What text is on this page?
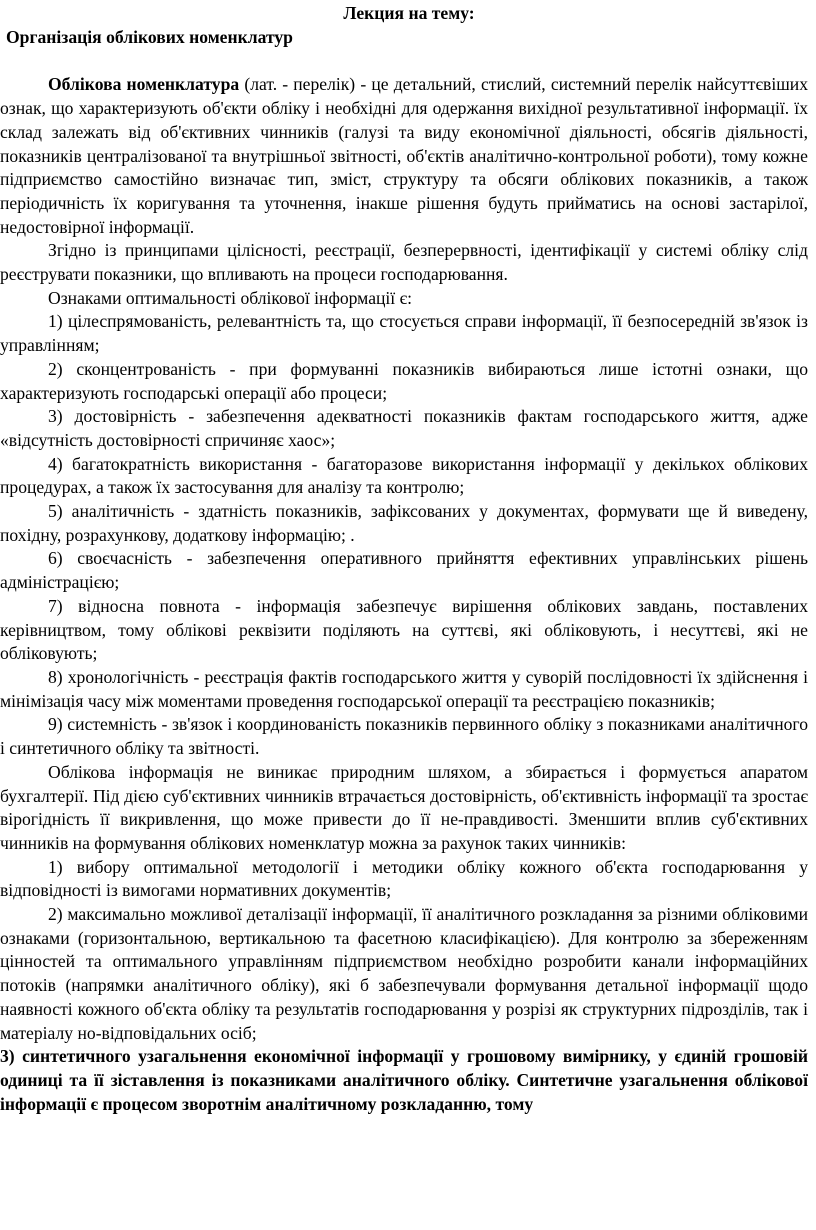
Лекция на тему:
Організація облікових номенклатур

Облікова номенклатура (лат. - перелік) - це детальний, стислий, системний перелік найсуттєвіших ознак, що характеризують об'єкти обліку і необхідні для одержання вихідної результативної інформації. їх склад залежать від об'єктивних чинників (галузі та виду економічної діяльності, обсягів діяльності, показників централізованої та внутрішньої звітності, об'єктів аналітично-контрольної роботи), тому кожне підприємство самостійно визначає тип, зміст, структуру та обсяги облікових показників, а також періодичність їх коригування та уточнення, інакше рішення будуть прийматись на основі застарілої, недостовірної інформації.

Згідно із принципами цілісності, реєстрації, безперервності, ідентифікації у системі обліку слід реєструвати показники, що впливають на процеси господарювання.

Ознаками оптимальності облікової інформації є:

1) цілеспрямованість, релевантність та, що стосується справи інформації, її безпосередній зв'язок із управлінням;

2) сконцентрованість - при формуванні показників вибираються лише істотні ознаки, що характеризують господарські операції або процеси;

3) достовірність - забезпечення адекватності показників фактам господарського життя, адже «відсутність достовірності спричиняє хаос»;

4) багатократність використання - багаторазове використання інформації у декількох облікових процедурах, а також їх застосування для аналізу та контролю;

5) аналітичність - здатність показників, зафіксованих у документах, формувати ще й виведену, похідну, розрахункову, додаткову інформацію; .

6) своєчасність - забезпечення оперативного прийняття ефективних управлінських рішень адміністрацією;

7) відносна повнота - інформація забезпечує вирішення облікових завдань, поставлених керівництвом, тому облікові реквізити поділяють на суттєві, які обліковують, і несуттєві, які не обліковують;

8) хронологічність - реєстрація фактів господарського життя у суворій послідовності їх здійснення і мінімізація часу між моментами проведення господарської операції та реєстрацією показників;

9) системність - зв'язок і координованість показників первинного обліку з показниками аналітичного і синтетичного обліку та звітності.

Облікова інформація не виникає природним шляхом, а збирається і формується апаратом бухгалтерії. Під дією суб'єктивних чинників втрачається достовірність, об'єктивність інформації та зростає вірогідність її викривлення, що може привести до її не-правдивості. Зменшити вплив суб'єктивних чинників на формування облікових номенклатур можна за рахунок таких чинників:

1) вибору оптимальної методології і методики обліку кожного об'єкта господарювання у відповідності із вимогами нормативних документів;

2) максимально можливої деталізації інформації, її аналітичного розкладання за різними обліковими ознаками (горизонтальною, вертикальною та фасетною класифікацією). Для контролю за збереженням цінностей та оптимального управлінням підприємством необхідно розробити канали інформаційних потоків (напрямки аналітичного обліку), які б забезпечували формування детальної інформації щодо наявності кожного об'єкта обліку та результатів господарювання у розрізі як структурних підрозділів, так і матеріалу но-відповідальних осіб;

3) синтетичного узагальнення економічної інформації у грошовому вимірнику, у єдиній грошовій одиниці та її зіставлення із показниками аналітичного обліку. Синтетичне узагальнення облікової інформації є процесом зворотнім аналітичному розкладанню, тому
